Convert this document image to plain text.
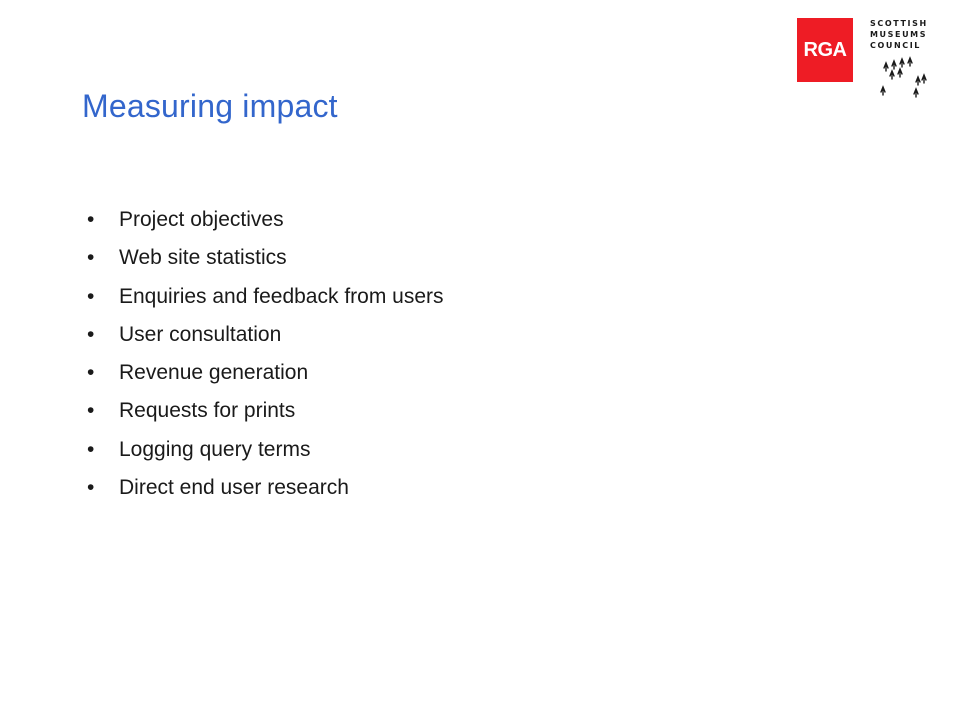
RGA
SCOTTISH
MUSEUMS
COUNCIL
Measuring impact
• Project objectives
• Web site statistics
• Enquiries and feedback from users
• User consultation
• Revenue generation
• Requests for prints
• Logging query terms
• Direct end user research
